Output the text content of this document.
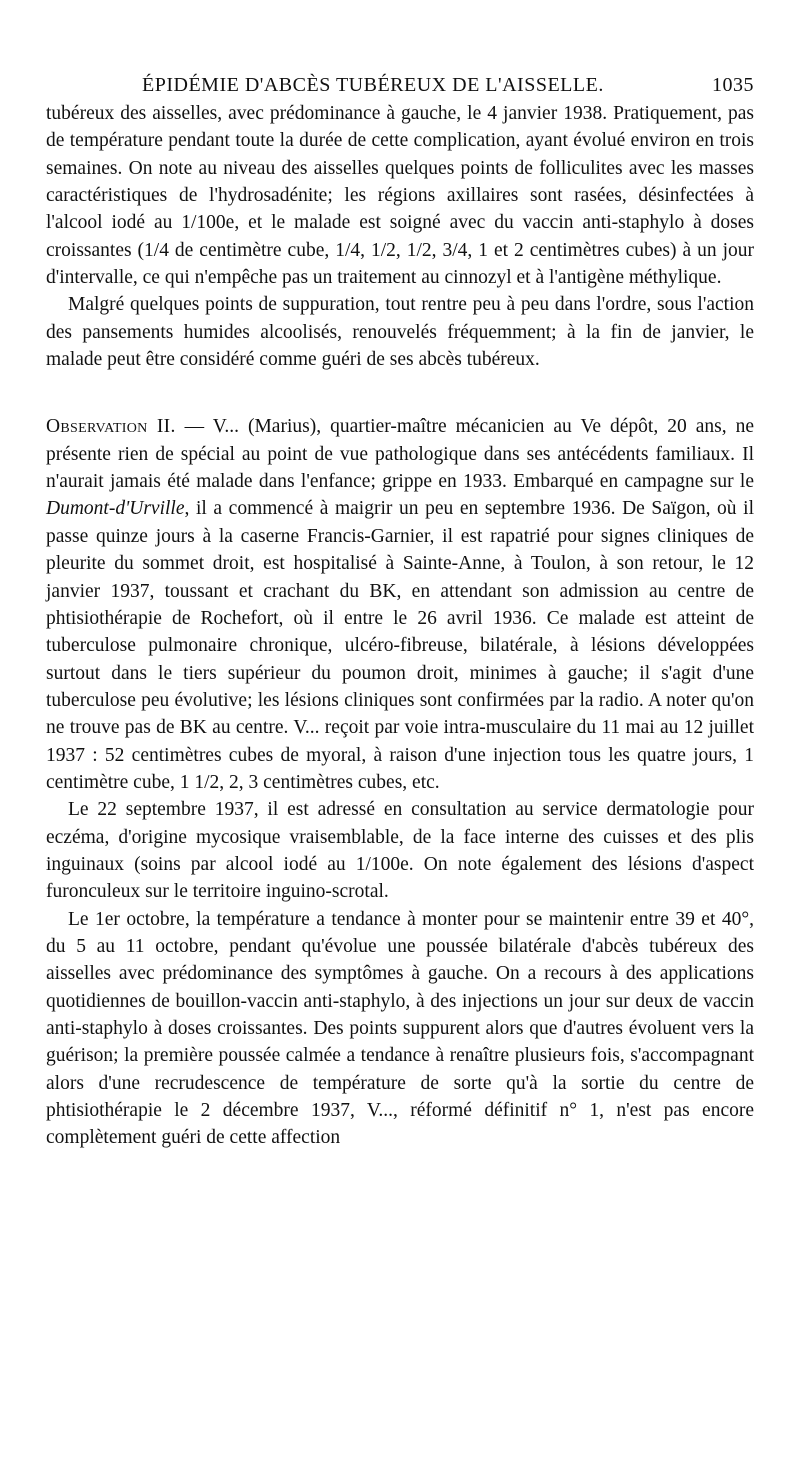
ÉPIDÉMIE D'ABCÈS TUBÉREUX DE L'AISSELLE.	1035

tubéreux des aisselles, avec prédominance à gauche, le 4 janvier 1938. Pratiquement, pas de température pendant toute la durée de cette complication, ayant évolué environ en trois semaines. On note au niveau des aisselles quelques points de folliculites avec les masses caractéristiques de l'hydrosadénite; les régions axillaires sont rasées, désinfectées à l'alcool iodé au 1/100e, et le malade est soigné avec du vaccin anti-staphylo à doses croissantes (1/4 de centimètre cube, 1/4, 1/2, 1/2, 3/4, 1 et 2 centimètres cubes) à un jour d'intervalle, ce qui n'empêche pas un traitement au cinnozyl et à l'antigène méthylique.

Malgré quelques points de suppuration, tout rentre peu à peu dans l'ordre, sous l'action des pansements humides alcoolisés, renouvelés fréquemment; à la fin de janvier, le malade peut être considéré comme guéri de ses abcès tubéreux.

Observation II. — V... (Marius), quartier-maître mécanicien au Ve dépôt, 20 ans, ne présente rien de spécial au point de vue pathologique dans ses antécédents familiaux. Il n'aurait jamais été malade dans l'enfance; grippe en 1933. Embarqué en campagne sur le Dumont-d'Urville, il a commencé à maigrir un peu en septembre 1936. De Saïgon, où il passe quinze jours à la caserne Francis-Garnier, il est rapatrié pour signes cliniques de pleurite du sommet droit, est hospitalisé à Sainte-Anne, à Toulon, à son retour, le 12 janvier 1937, toussant et crachant du BK, en attendant son admission au centre de phtisiothérapie de Rochefort, où il entre le 26 avril 1936. Ce malade est atteint de tuberculose pulmonaire chronique, ulcéro-fibreuse, bilatérale, à lésions développées surtout dans le tiers supérieur du poumon droit, minimes à gauche; il s'agit d'une tuberculose peu évolutive; les lésions cliniques sont confirmées par la radio. A noter qu'on ne trouve pas de BK au centre. V... reçoit par voie intra-musculaire du 11 mai au 12 juillet 1937 : 52 centimètres cubes de myoral, à raison d'une injection tous les quatre jours, 1 centimètre cube, 1 1/2, 2, 3 centimètres cubes, etc.

Le 22 septembre 1937, il est adressé en consultation au service dermatologie pour eczéma, d'origine mycosique vraisemblable, de la face interne des cuisses et des plis inguinaux (soins par alcool iodé au 1/100e. On note également des lésions d'aspect furonculeux sur le territoire inguino-scrotal.

Le 1er octobre, la température a tendance à monter pour se maintenir entre 39 et 40°, du 5 au 11 octobre, pendant qu'évolue une poussée bilatérale d'abcès tubéreux des aisselles avec prédominance des symptômes à gauche. On a recours à des applications quotidiennes de bouillon-vaccin anti-staphylo, à des injections un jour sur deux de vaccin anti-staphylo à doses croissantes. Des points suppurent alors que d'autres évoluent vers la guérison; la première poussée calmée a tendance à renaître plusieurs fois, s'accompagnant alors d'une recrudescence de température de sorte qu'à la sortie du centre de phtisiothérapie le 2 décembre 1937, V..., réformé définitif n° 1, n'est pas encore complètement guéri de cette affection
